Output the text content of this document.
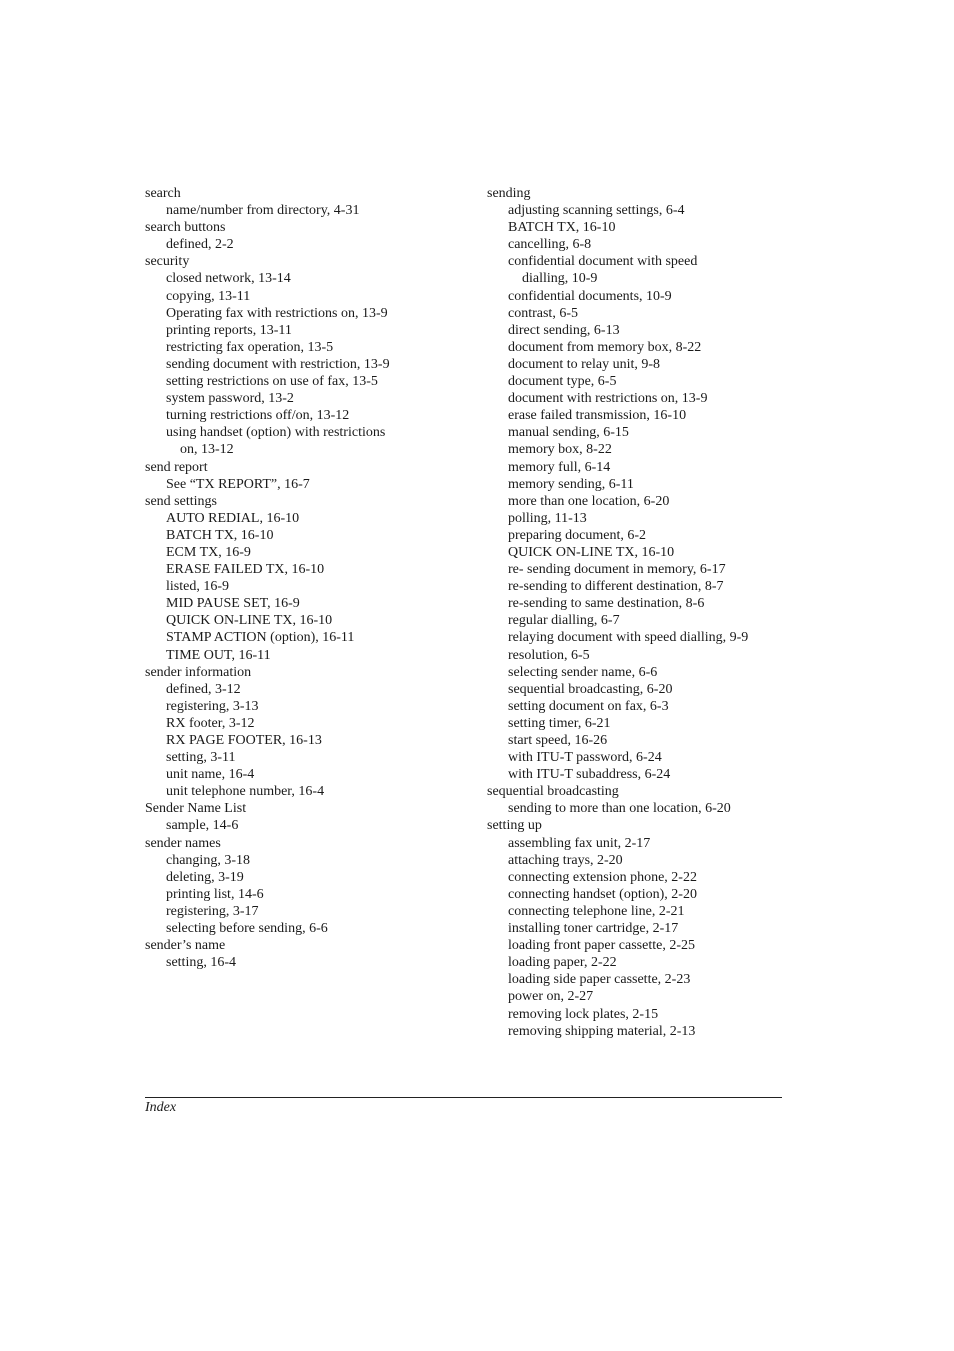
search
name/number from directory, 4-31
search buttons
defined, 2-2
security
closed network, 13-14
copying, 13-11
Operating fax with restrictions on, 13-9
printing reports, 13-11
restricting fax operation, 13-5
sending document with restriction, 13-9
setting restrictions on use of fax, 13-5
system password, 13-2
turning restrictions off/on, 13-12
using handset (option) with restrictions
on, 13-12
send report
See “TX REPORT”, 16-7
send settings
AUTO REDIAL, 16-10
BATCH TX, 16-10
ECM TX, 16-9
ERASE FAILED TX, 16-10
listed, 16-9
MID PAUSE SET, 16-9
QUICK ON-LINE TX, 16-10
STAMP ACTION (option), 16-11
TIME OUT, 16-11
sender information
defined, 3-12
registering, 3-13
RX footer, 3-12
RX PAGE FOOTER, 16-13
setting, 3-11
unit name, 16-4
unit telephone number, 16-4
Sender Name List
sample, 14-6
sender names
changing, 3-18
deleting, 3-19
printing list, 14-6
registering, 3-17
selecting before sending, 6-6
sender’s name
setting, 16-4
sending
adjusting scanning settings, 6-4
BATCH TX, 16-10
cancelling, 6-8
confidential document with speed
dialling, 10-9
confidential documents, 10-9
contrast, 6-5
direct sending, 6-13
document from memory box, 8-22
document to relay unit, 9-8
document type, 6-5
document with restrictions on, 13-9
erase failed transmission, 16-10
manual sending, 6-15
memory box, 8-22
memory full, 6-14
memory sending, 6-11
more than one location, 6-20
polling, 11-13
preparing document, 6-2
QUICK ON-LINE TX, 16-10
re- sending document in memory, 6-17
re-sending to different destination, 8-7
re-sending to same destination, 8-6
regular dialling, 6-7
relaying document with speed dialling, 9-9
resolution, 6-5
selecting sender name, 6-6
sequential broadcasting, 6-20
setting document on fax, 6-3
setting timer, 6-21
start speed, 16-26
with ITU-T password, 6-24
with ITU-T subaddress, 6-24
sequential broadcasting
sending to more than one location, 6-20
setting up
assembling fax unit, 2-17
attaching trays, 2-20
connecting extension phone, 2-22
connecting handset (option), 2-20
connecting telephone line, 2-21
installing toner cartridge, 2-17
loading front paper cassette, 2-25
loading paper, 2-22
loading side paper cassette, 2-23
power on, 2-27
removing lock plates, 2-15
removing shipping material, 2-13
Index
